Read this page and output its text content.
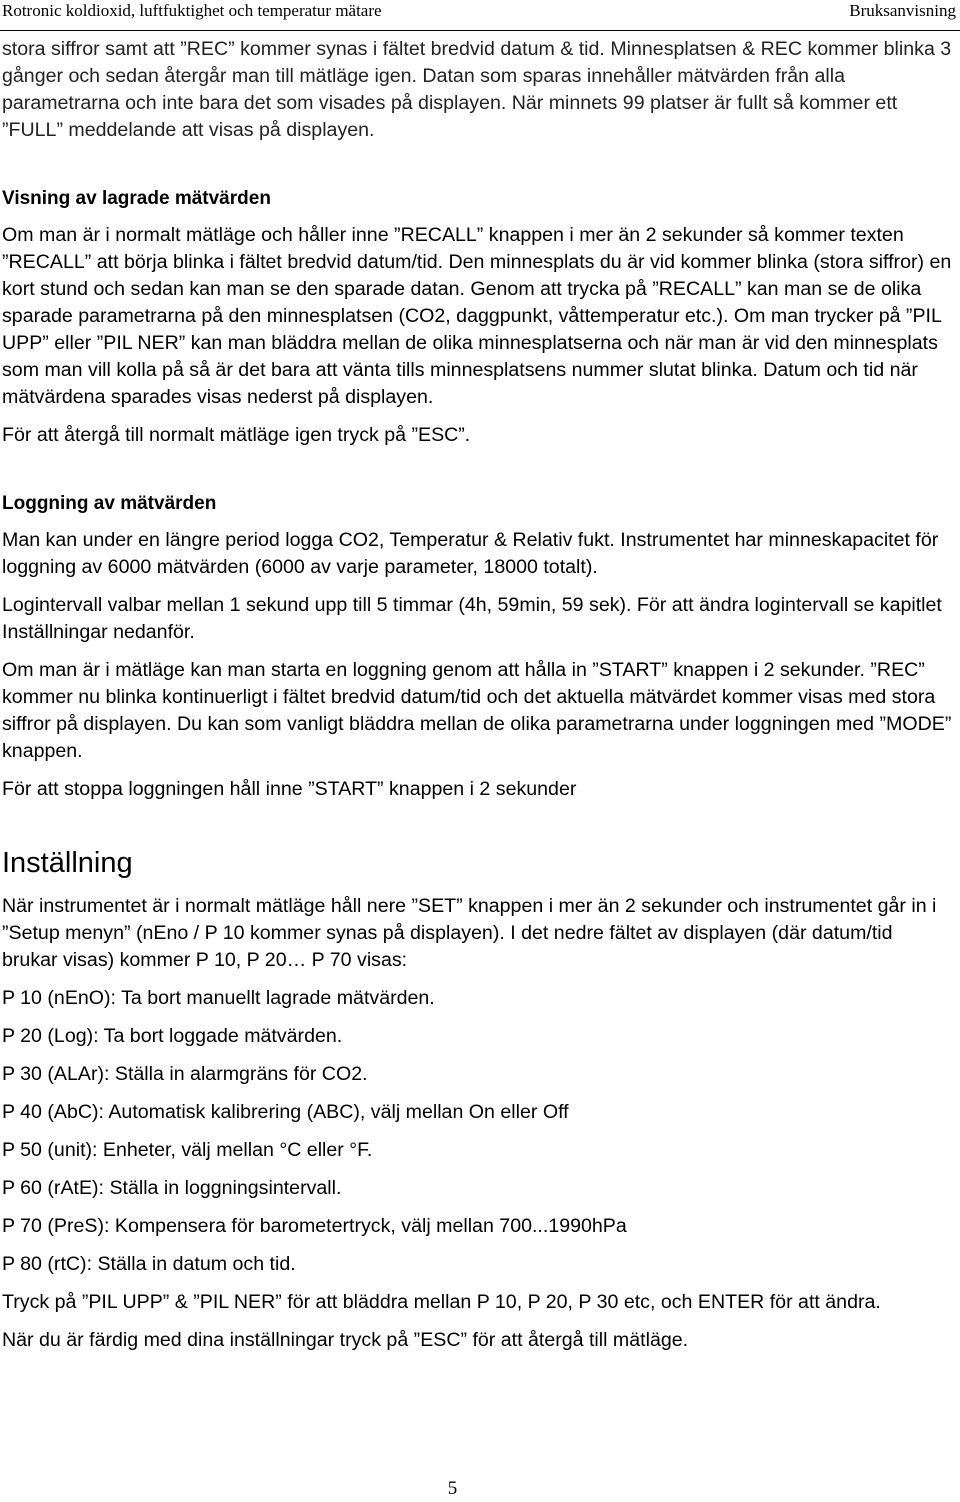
Rotronic koldioxid, luftfuktighet och temperatur mätare	Bruksanvisning

stora siffror samt att ”REC” kommer synas i fältet bredvid datum & tid. Minnesplatsen & REC kommer blinka 3 gånger och sedan återgår man till mätläge igen. Datan som sparas innehåller mätvärden från alla parametrarna och inte bara det som visades på displayen. När minnets 99 platser är fullt så kommer ett ”FULL” meddelande att visas på displayen.

Visning av lagrade mätvärden

Om man är i normalt mätläge och håller inne ”RECALL” knappen i mer än 2 sekunder så kommer texten ”RECALL” att börja blinka i fältet bredvid datum/tid. Den minnesplats du är vid kommer blinka (stora siffror) en kort stund och sedan kan man se den sparade datan. Genom att trycka på ”RECALL” kan man se de olika sparade parametrarna på den minnesplatsen (CO2, daggpunkt, våttemperatur etc.). Om man trycker på ”PIL UPP” eller ”PIL NER” kan man bläddra mellan de olika minnesplatserna och när man är vid den minnesplats som man vill kolla på så är det bara att vänta tills minnesplatsens nummer slutat blinka. Datum och tid när mätvärdena sparades visas nederst på displayen.

För att återgå till normalt mätläge igen tryck på ”ESC”.

Loggning av mätvärden

Man kan under en längre period logga CO2, Temperatur & Relativ fukt. Instrumentet har minneskapacitet för loggning av 6000 mätvärden (6000 av varje parameter, 18000 totalt).

Logintervall valbar mellan 1 sekund upp till 5 timmar (4h, 59min, 59 sek). För att ändra logintervall se kapitlet Inställningar nedanför.

Om man är i mätläge kan man starta en loggning genom att hålla in ”START” knappen i 2 sekunder. ”REC” kommer nu blinka kontinuerligt i fältet bredvid datum/tid och det aktuella mätvärdet kommer visas med stora siffror på displayen. Du kan som vanligt bläddra mellan de olika parametrarna under loggningen med ”MODE” knappen.

För att stoppa loggningen håll inne ”START” knappen i 2 sekunder

Inställning

När instrumentet är i normalt mätläge håll nere ”SET” knappen i mer än 2 sekunder och instrumentet går in i ”Setup menyn” (nEno / P 10 kommer synas på displayen). I det nedre fältet av displayen (där datum/tid brukar visas) kommer P 10, P 20… P 70 visas:

P 10 (nEnO): Ta bort manuellt lagrade mätvärden.

P 20 (Log): Ta bort loggade mätvärden.

P 30 (ALAr): Ställa in alarmgräns för CO2.

P 40 (AbC): Automatisk kalibrering (ABC), välj mellan On eller Off

P 50 (unit): Enheter, välj mellan °C eller °F.

P 60 (rAtE): Ställa in loggningsintervall.

P 70 (PreS): Kompensera för barometertryck, välj mellan 700...1990hPa

P 80 (rtC): Ställa in datum och tid.

Tryck på ”PIL UPP” & ”PIL NER” för att bläddra mellan P 10, P 20, P 30 etc, och ENTER för att ändra.

När du är färdig med dina inställningar tryck på ”ESC” för att återgå till mätläge.

5
